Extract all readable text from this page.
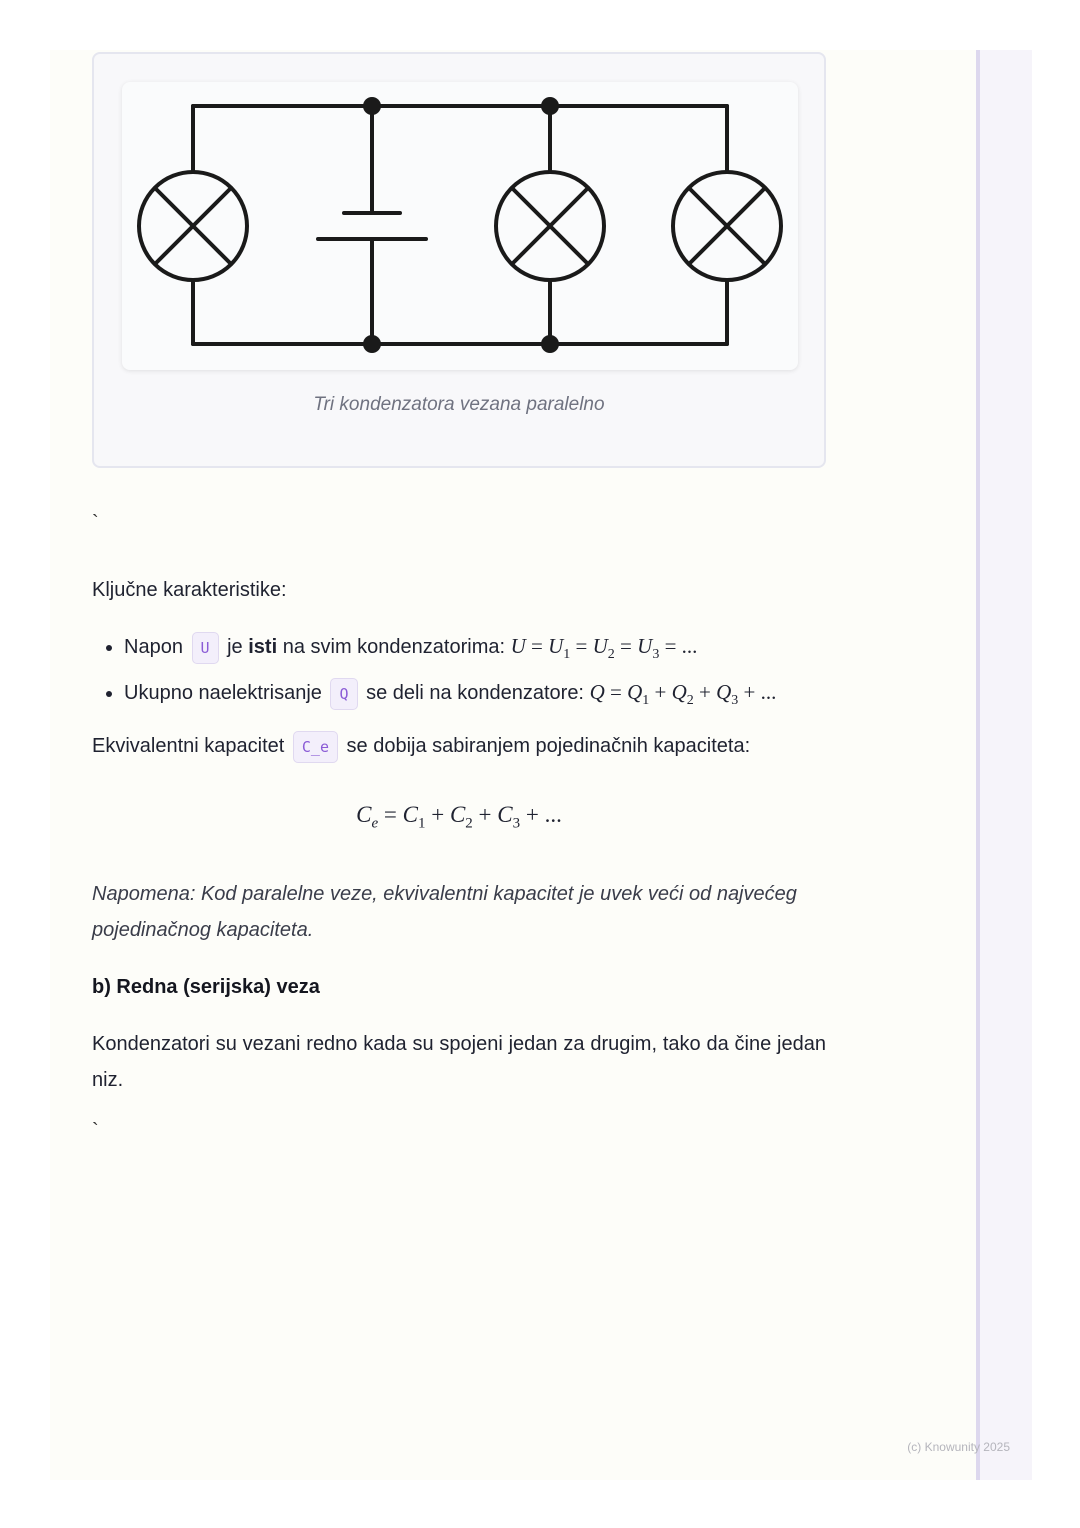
Tri kondenzatora vezana paralelno
`
Ključne karakteristike:
• Napon U je isti na svim kondenzatorima: $U = U_1 = U_2 = U_3$ = ...
• Ukupno naelektrisanje Q se deli na kondenzatore: $Q = Q_1 + Q_2 + Q_3$ + ...
Ekvivalentni kapacitet C_e se dobija sabiranjem pojedinačnih kapaciteta:
$C_e = C_1 + C_2 + C_3$ + ...
Napomena: Kod paralelne veze, ekvivalentni kapacitet je uvek veći od najvećeg pojedinačnog kapaciteta.
b) Redna (serijska) veza
Kondenzatori su vezani redno kada su spojeni jedan za drugim, tako da čine jedan niz.
`
(c) Knowunity 2025
